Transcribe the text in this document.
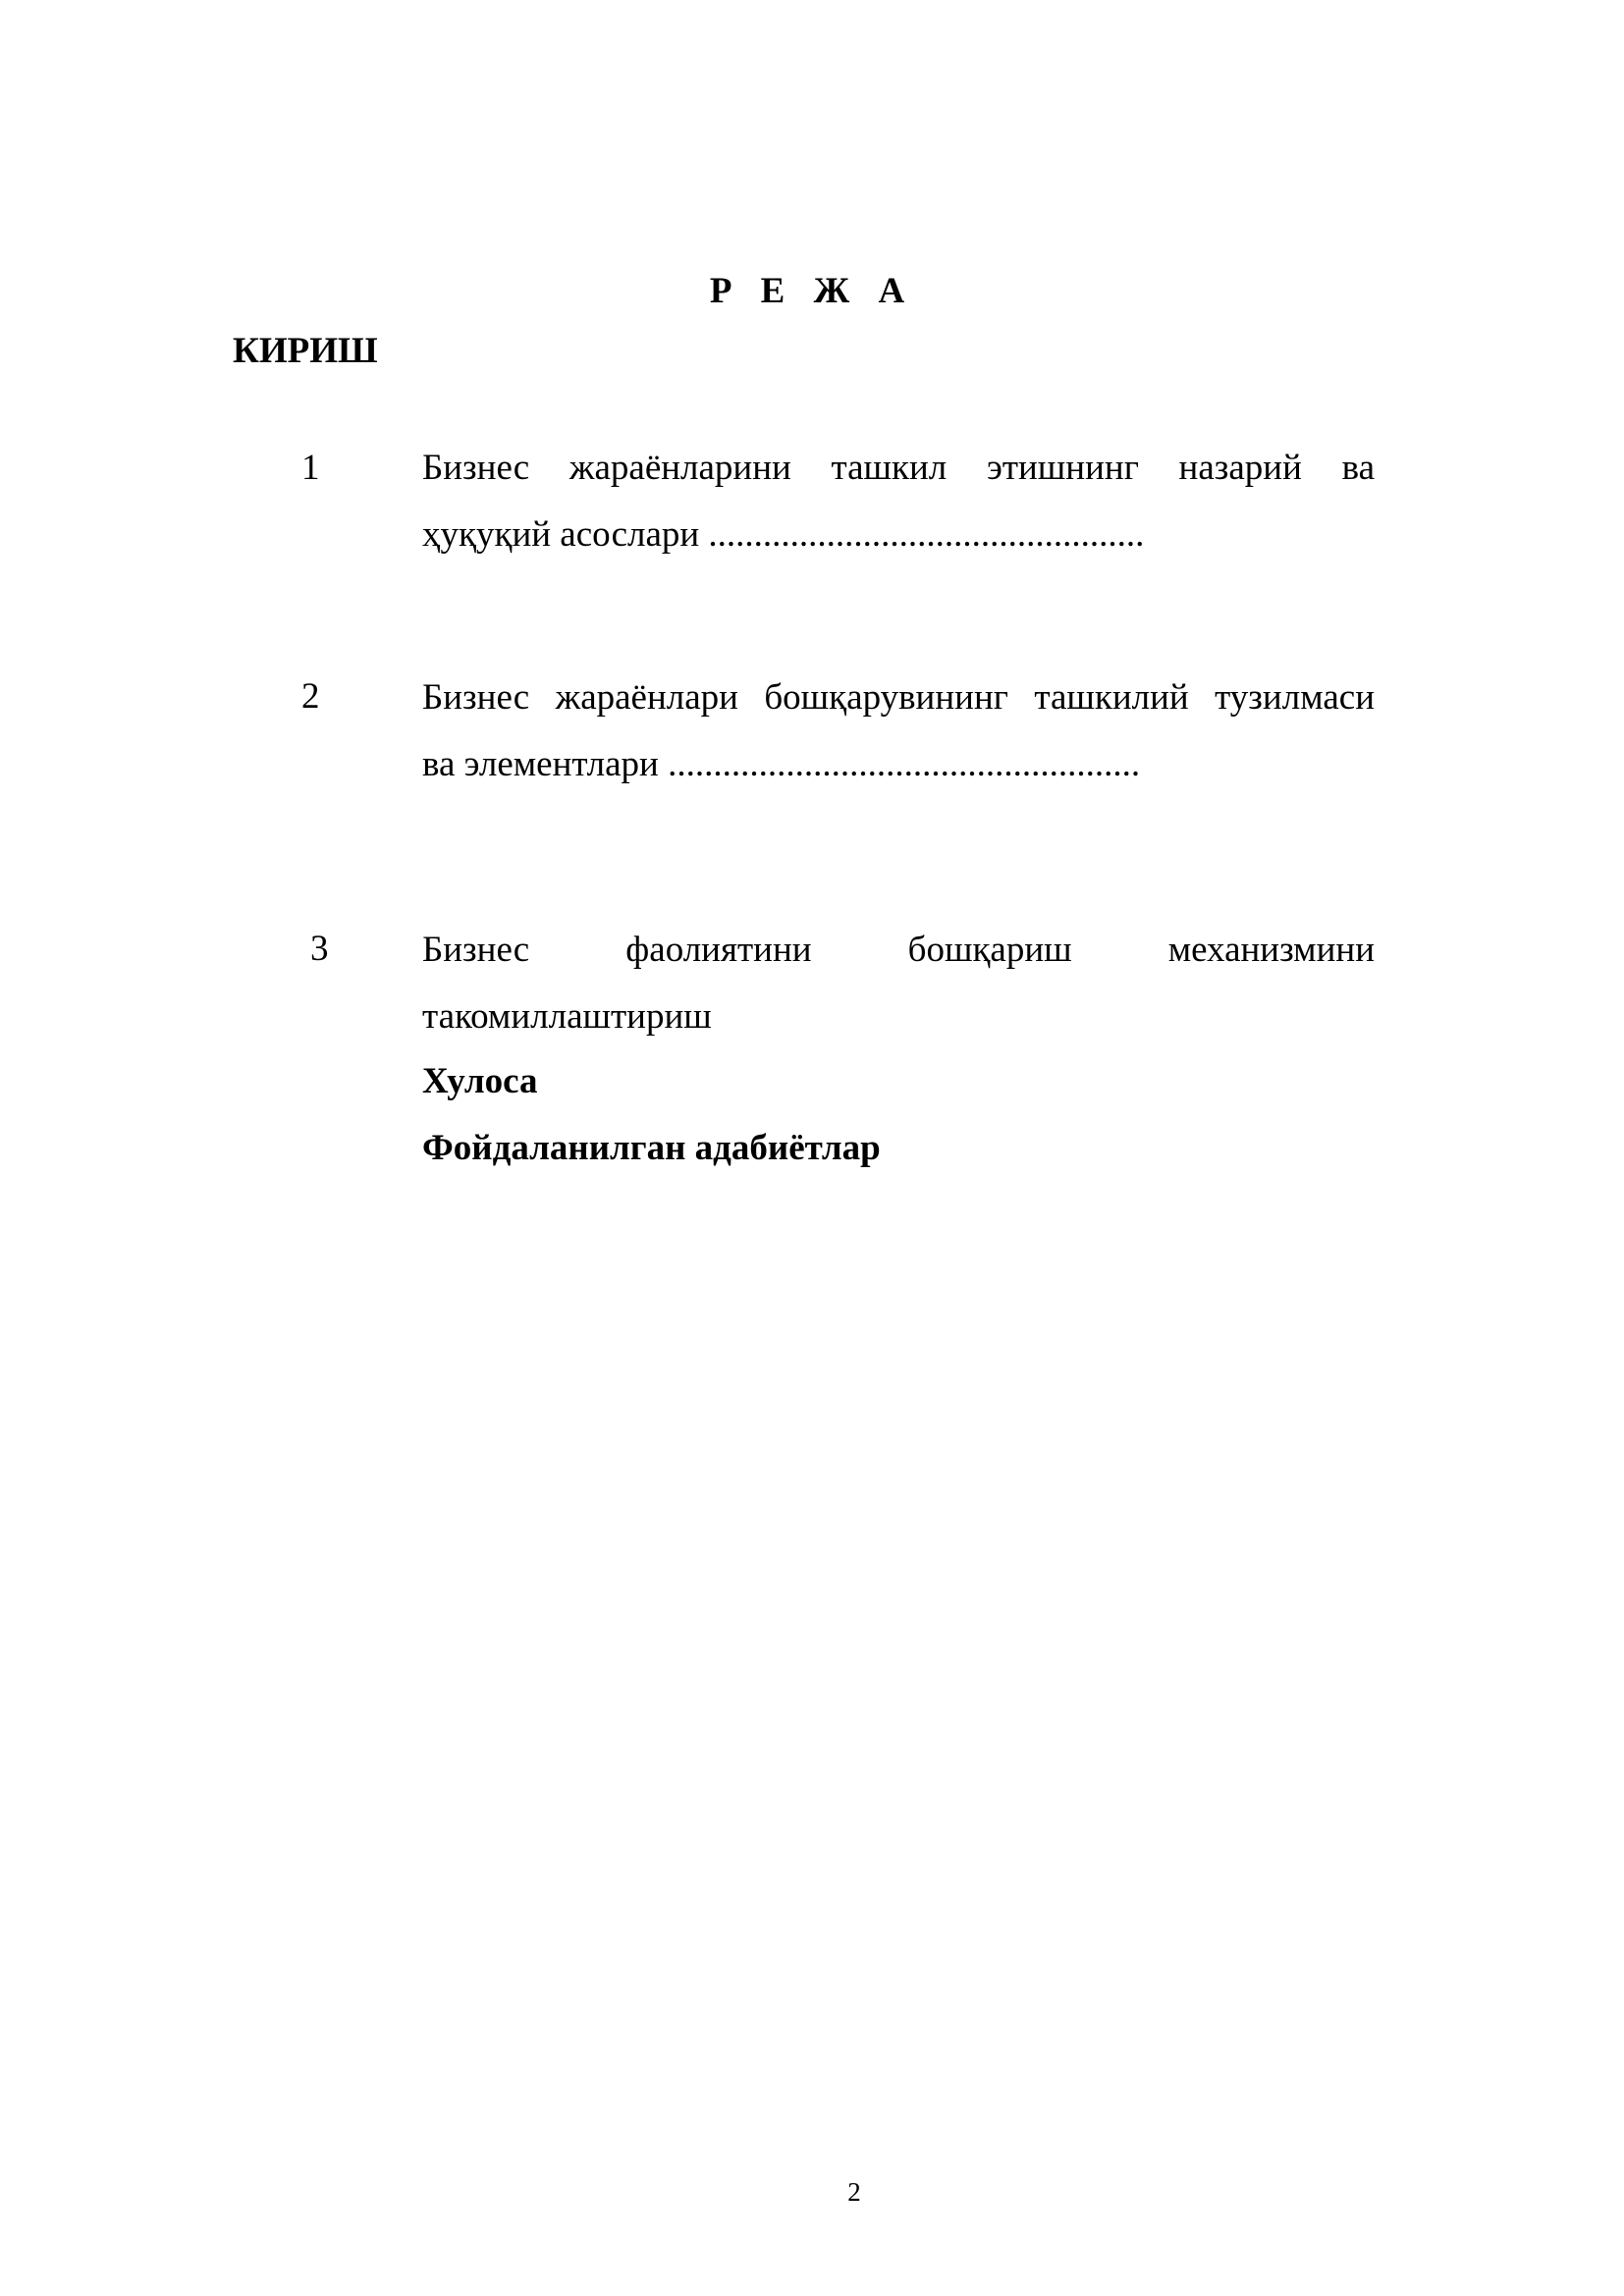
Р Е Ж А
КИРИШ
1	Бизнес жараёнларини ташкил этишнинг назарий ва
ҳуқуқий асослари ................................................
2	Бизнес жараёнлари бошқарувининг ташкилий тузилмаси
ва элементлари ....................................................
3	Бизнес фаолиятини бошқариш механизмини
такомиллаштириш
Хулоса
Фойдаланилган адабиётлар
2
